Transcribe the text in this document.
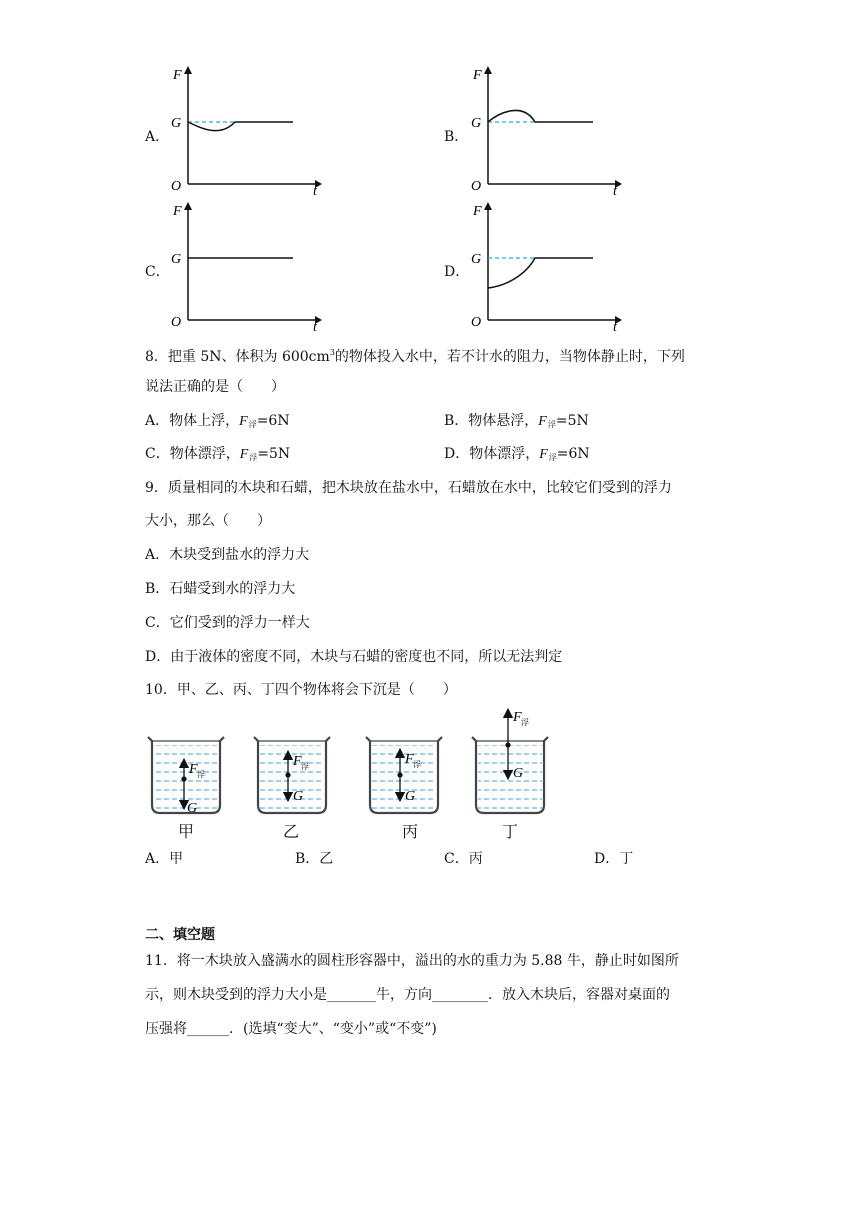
A．
F
t
O
G
B．
F
t
O
G
C．
F
t
O
G
D．
F
t
O
G
8．把重 5N、体积为 $600cm^3$的物体投入水中，若不计水的阻力，当物体静止时，下列
说法正确的是（　　）
A．物体上浮，$F_浮=6N$	B．物体悬浮，$F_浮=5N$
C．物体漂浮，$F_浮=5N$	D．物体漂浮，$F_浮=6N$
9．质量相同的木块和石蜡，把木块放在盐水中，石蜡放在水中，比较它们受到的浮力
大小，那么（　　）
A．木块受到盐水的浮力大
B．石蜡受到水的浮力大
C．它们受到的浮力一样大
D．由于液体的密度不同，木块与石蜡的密度也不同，所以无法判定
10．甲、乙、丙、丁四个物体将会下沉是（　　）
F 浮
G
F 浮
G
F 浮
G
F 浮
G
甲	乙	丙	丁
A．甲	B．乙	C．丙	D．丁
二、填空题
11．将一木块放入盛满水的圆柱形容器中，溢出的水的重力为 5.88 牛，静止时如图所
示，则木块受到的浮力大小是_______牛，方向________．放入木块后，容器对桌面的
压强将______．(选填“变大”、“变小”或“不变”)
